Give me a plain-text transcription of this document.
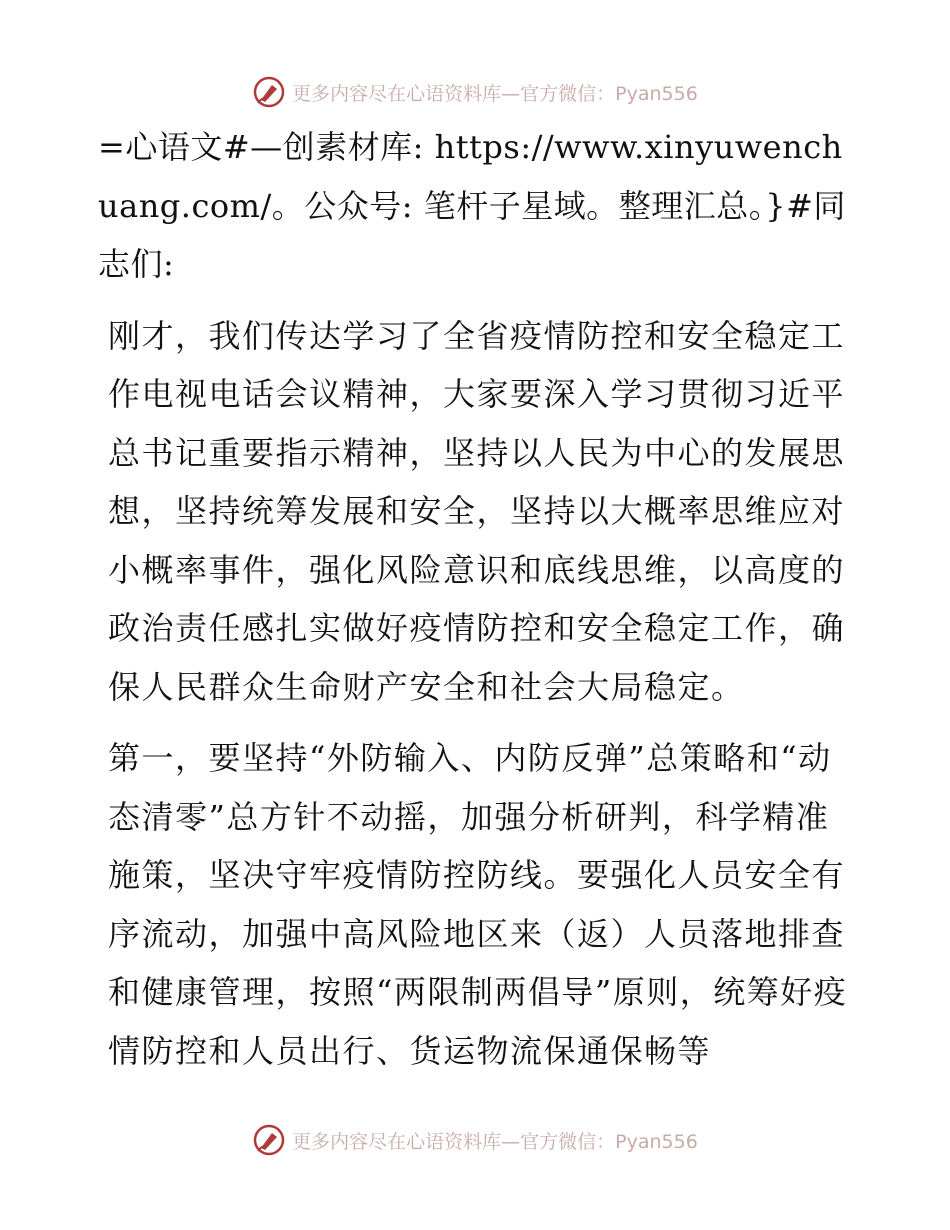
更多内容尽在心语资料库—官方微信：Pyan556

=心语文#—创素材库: https://www.xinyuwenchuang.com/。公众号: 笔杆子星域。整理汇总。}#同志们:

刚才，我们传达学习了全省疫情防控和安全稳定工作电视电话会议精神，大家要深入学习贯彻习近平总书记重要指示精神，坚持以人民为中心的发展思想，坚持统筹发展和安全，坚持以大概率思维应对小概率事件，强化风险意识和底线思维，以高度的政治责任感扎实做好疫情防控和安全稳定工作，确保人民群众生命财产安全和社会大局稳定。

第一，要坚持“外防输入、内防反弹”总策略和“动态清零”总方针不动摇，加强分析研判，科学精准施策，坚决守牢疫情防控防线。要强化人员安全有序流动，加强中高风险地区来（返）人员落地排查和健康管理，按照“两限制两倡导”原则，统筹好疫情防控和人员出行、货运物流保通保畅等

更多内容尽在心语资料库—官方微信：Pyan556
